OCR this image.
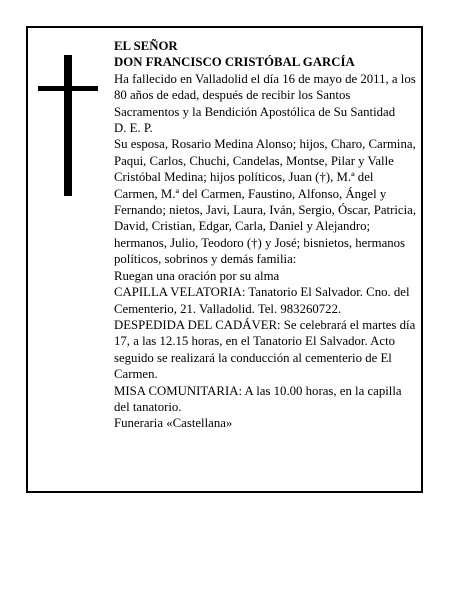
EL SEÑOR

DON FRANCISCO CRISTÓBAL GARCÍA

Ha fallecido en Valladolid el día 16 de mayo de 2011, a los 80 años de edad, después de recibir los Santos Sacramentos y la Bendición Apostólica de Su Santidad

D. E. P.

Su esposa, Rosario Medina Alonso; hijos, Charo, Carmina, Paqui, Carlos, Chuchi, Candelas, Montse, Pilar y Valle Cristóbal Medina; hijos políticos, Juan (†), M.ª del Carmen, M.ª del Carmen, Faustino, Alfonso, Ángel y Fernando; nietos, Javi, Laura, Iván, Sergio, Óscar, Patricia, David, Cristian, Edgar, Carla, Daniel y Alejandro; hermanos, Julio, Teodoro (†) y José; bisnietos, hermanos políticos, sobrinos y demás familia:

Ruegan una oración por su alma

CAPILLA VELATORIA: Tanatorio El Salvador. Cno. del Cementerio, 21. Valladolid. Tel. 983260722.

DESPEDIDA DEL CADÁVER: Se celebrará el martes día 17, a las 12.15 horas, en el Tanatorio El Salvador. Acto seguido se realizará la conducción al cementerio de El Carmen.

MISA COMUNITARIA: A las 10.00 horas, en la capilla del tanatorio.

Funeraria «Castellana»
